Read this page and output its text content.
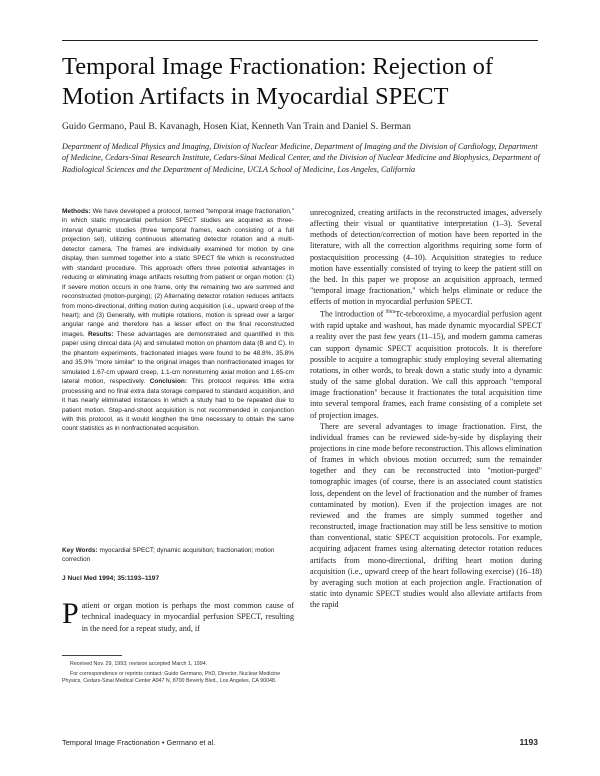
Temporal Image Fractionation: Rejection of Motion Artifacts in Myocardial SPECT
Guido Germano, Paul B. Kavanagh, Hosen Kiat, Kenneth Van Train and Daniel S. Berman
Department of Medical Physics and Imaging, Division of Nuclear Medicine, Department of Imaging and the Division of Cardiology, Department of Medicine, Cedars-Sinai Research Institute, Cedars-Sinai Medical Center, and the Division of Nuclear Medicine and Biophysics, Department of Radiological Sciences and the Department of Medicine, UCLA School of Medicine, Los Angeles, California

Methods: We have developed a protocol, termed "temporal image fractionation," in which static myocardial perfusion SPECT studies are acquired as three-interval dynamic studies (three temporal frames, each consisting of a full projection set), utilizing continuous alternating detector rotation and a multi-detector camera. The frames are individually examined for motion by cine display, then summed together into a static SPECT file which is reconstructed with standard procedure. This approach offers three potential advantages in reducing or eliminating image artifacts resulting from patient or organ motion: (1) If severe motion occurs in one frame, only the remaining two are summed and reconstructed (motion-purging); (2) Alternating detector rotation reduces artifacts from mono-directional, drifting motion during acquisition (i.e., upward creep of the heart); and (3) Generally, with multiple rotations, motion is spread over a larger angular range and therefore has a lesser effect on the final reconstructed images. Results: These advantages are demonstrated and quantified in this paper using clinical data (A) and simulated motion on phantom data (B and C). In the phantom experiments, fractionated images were found to be 48.8%, 35.8% and 35.9% "more similar" to the original images than nonfractionated images for simulated 1.67-cm upward creep, 1.1-cm nonreturning axial motion and 1.65-cm lateral motion, respectively. Conclusion: This protocol requires little extra processing and no final extra data storage compared to standard acquisition, and it has nearly eliminated instances in which a study had to be repeated due to patient motion. Step-and-shoot acquisition is not recommended in conjunction with this protocol, as it would lengthen the time necessary to obtain the same count statistics as in nonfractionated acquisition.

Key Words: myocardial SPECT; dynamic acquisition; fractionation; motion correction
J Nucl Med 1994; 35:1193–1197
P atient or organ motion is perhaps the most common cause of technical inadequacy in myocardial perfusion SPECT, resulting in the need for a repeat study, and, if

Received Nov. 29, 1993; revision accepted March 1, 1994.

For correspondence or reprints contact: Guido Germano, PhD, Director, Nuclear Medicine Physics, Cedars-Sinai Medical Center A047 N, 8700 Beverly Blvd., Los Angeles, CA 90048.

unrecognized, creating artifacts in the reconstructed images, adversely affecting their visual or quantitative interpretation (1–3). Several methods of detection/correction of motion have been reported in the literature, with all the correction algorithms requiring some form of postacquisition processing (4–10). Acquisition strategies to reduce motion have essentially consisted of trying to keep the patient still on the bed. In this paper we propose an acquisition approach, termed "temporal image fractionation," which helps eliminate or reduce the effects of motion in myocardial perfusion SPECT.

The introduction of $^{99m}$Tc-teboroxime, a myocardial perfusion agent with rapid uptake and washout, has made dynamic myocardial SPECT a reality over the past few years (11–15), and modern gamma cameras can support dynamic SPECT acquisition protocols. It is therefore possible to acquire a tomographic study employing several alternating rotations, in other words, to break down a static study into a dynamic study of the same global duration. We call this approach "temporal image fractionation" because it fractionates the total acquisition time into several temporal frames, each frame consisting of a complete set of projection images.

There are several advantages to image fractionation. First, the individual frames can be reviewed side-by-side by displaying their projections in cine mode before reconstruction. This allows elimination of frames in which obvious motion occurred; sum the remainder together and they can be reconstructed into "motion-purged" tomographic images (of course, there is an associated count statistics loss, dependent on the level of fractionation and the number of frames contaminated by motion). Even if the projection images are not reviewed and the frames are simply summed together and reconstructed, image fractionation may still be less sensitive to motion than conventional, static SPECT acquisition protocols. For example, acquiring adjacent frames using alternating detector rotation reduces artifacts from mono-directional, drifting heart motion during acquisition (i.e., upward creep of the heart following exercise) (16–18) by averaging such motion at each projection angle. Fractionation of static into dynamic SPECT studies would also alleviate artifacts from the rapid

Temporal Image Fractionation • Germano et al.	1193
